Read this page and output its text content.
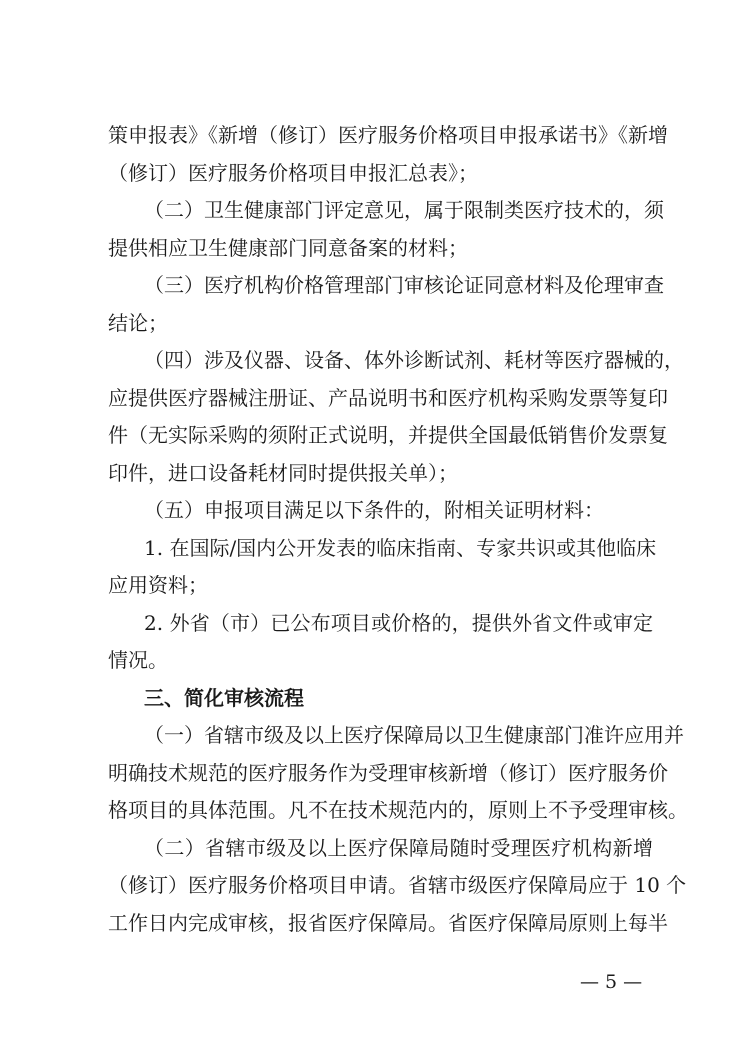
策申报表》《新增（修订）医疗服务价格项目申报承诺书》《新增
（修订）医疗服务价格项目申报汇总表》；
（二）卫生健康部门评定意见，属于限制类医疗技术的，须
提供相应卫生健康部门同意备案的材料；
（三）医疗机构价格管理部门审核论证同意材料及伦理审查
结论；
（四）涉及仪器、设备、体外诊断试剂、耗材等医疗器械的，
应提供医疗器械注册证、产品说明书和医疗机构采购发票等复印
件（无实际采购的须附正式说明，并提供全国最低销售价发票复
印件，进口设备耗材同时提供报关单）；
（五）申报项目满足以下条件的，附相关证明材料：
1. 在国际/国内公开发表的临床指南、专家共识或其他临床
应用资料；
2. 外省（市）已公布项目或价格的，提供外省文件或审定
情况。
三、简化审核流程
（一）省辖市级及以上医疗保障局以卫生健康部门准许应用并
明确技术规范的医疗服务作为受理审核新增（修订）医疗服务价
格项目的具体范围。凡不在技术规范内的，原则上不予受理审核。
（二）省辖市级及以上医疗保障局随时受理医疗机构新增
（修订）医疗服务价格项目申请。省辖市级医疗保障局应于 10 个
工作日内完成审核，报省医疗保障局。省医疗保障局原则上每半
— 5 —
